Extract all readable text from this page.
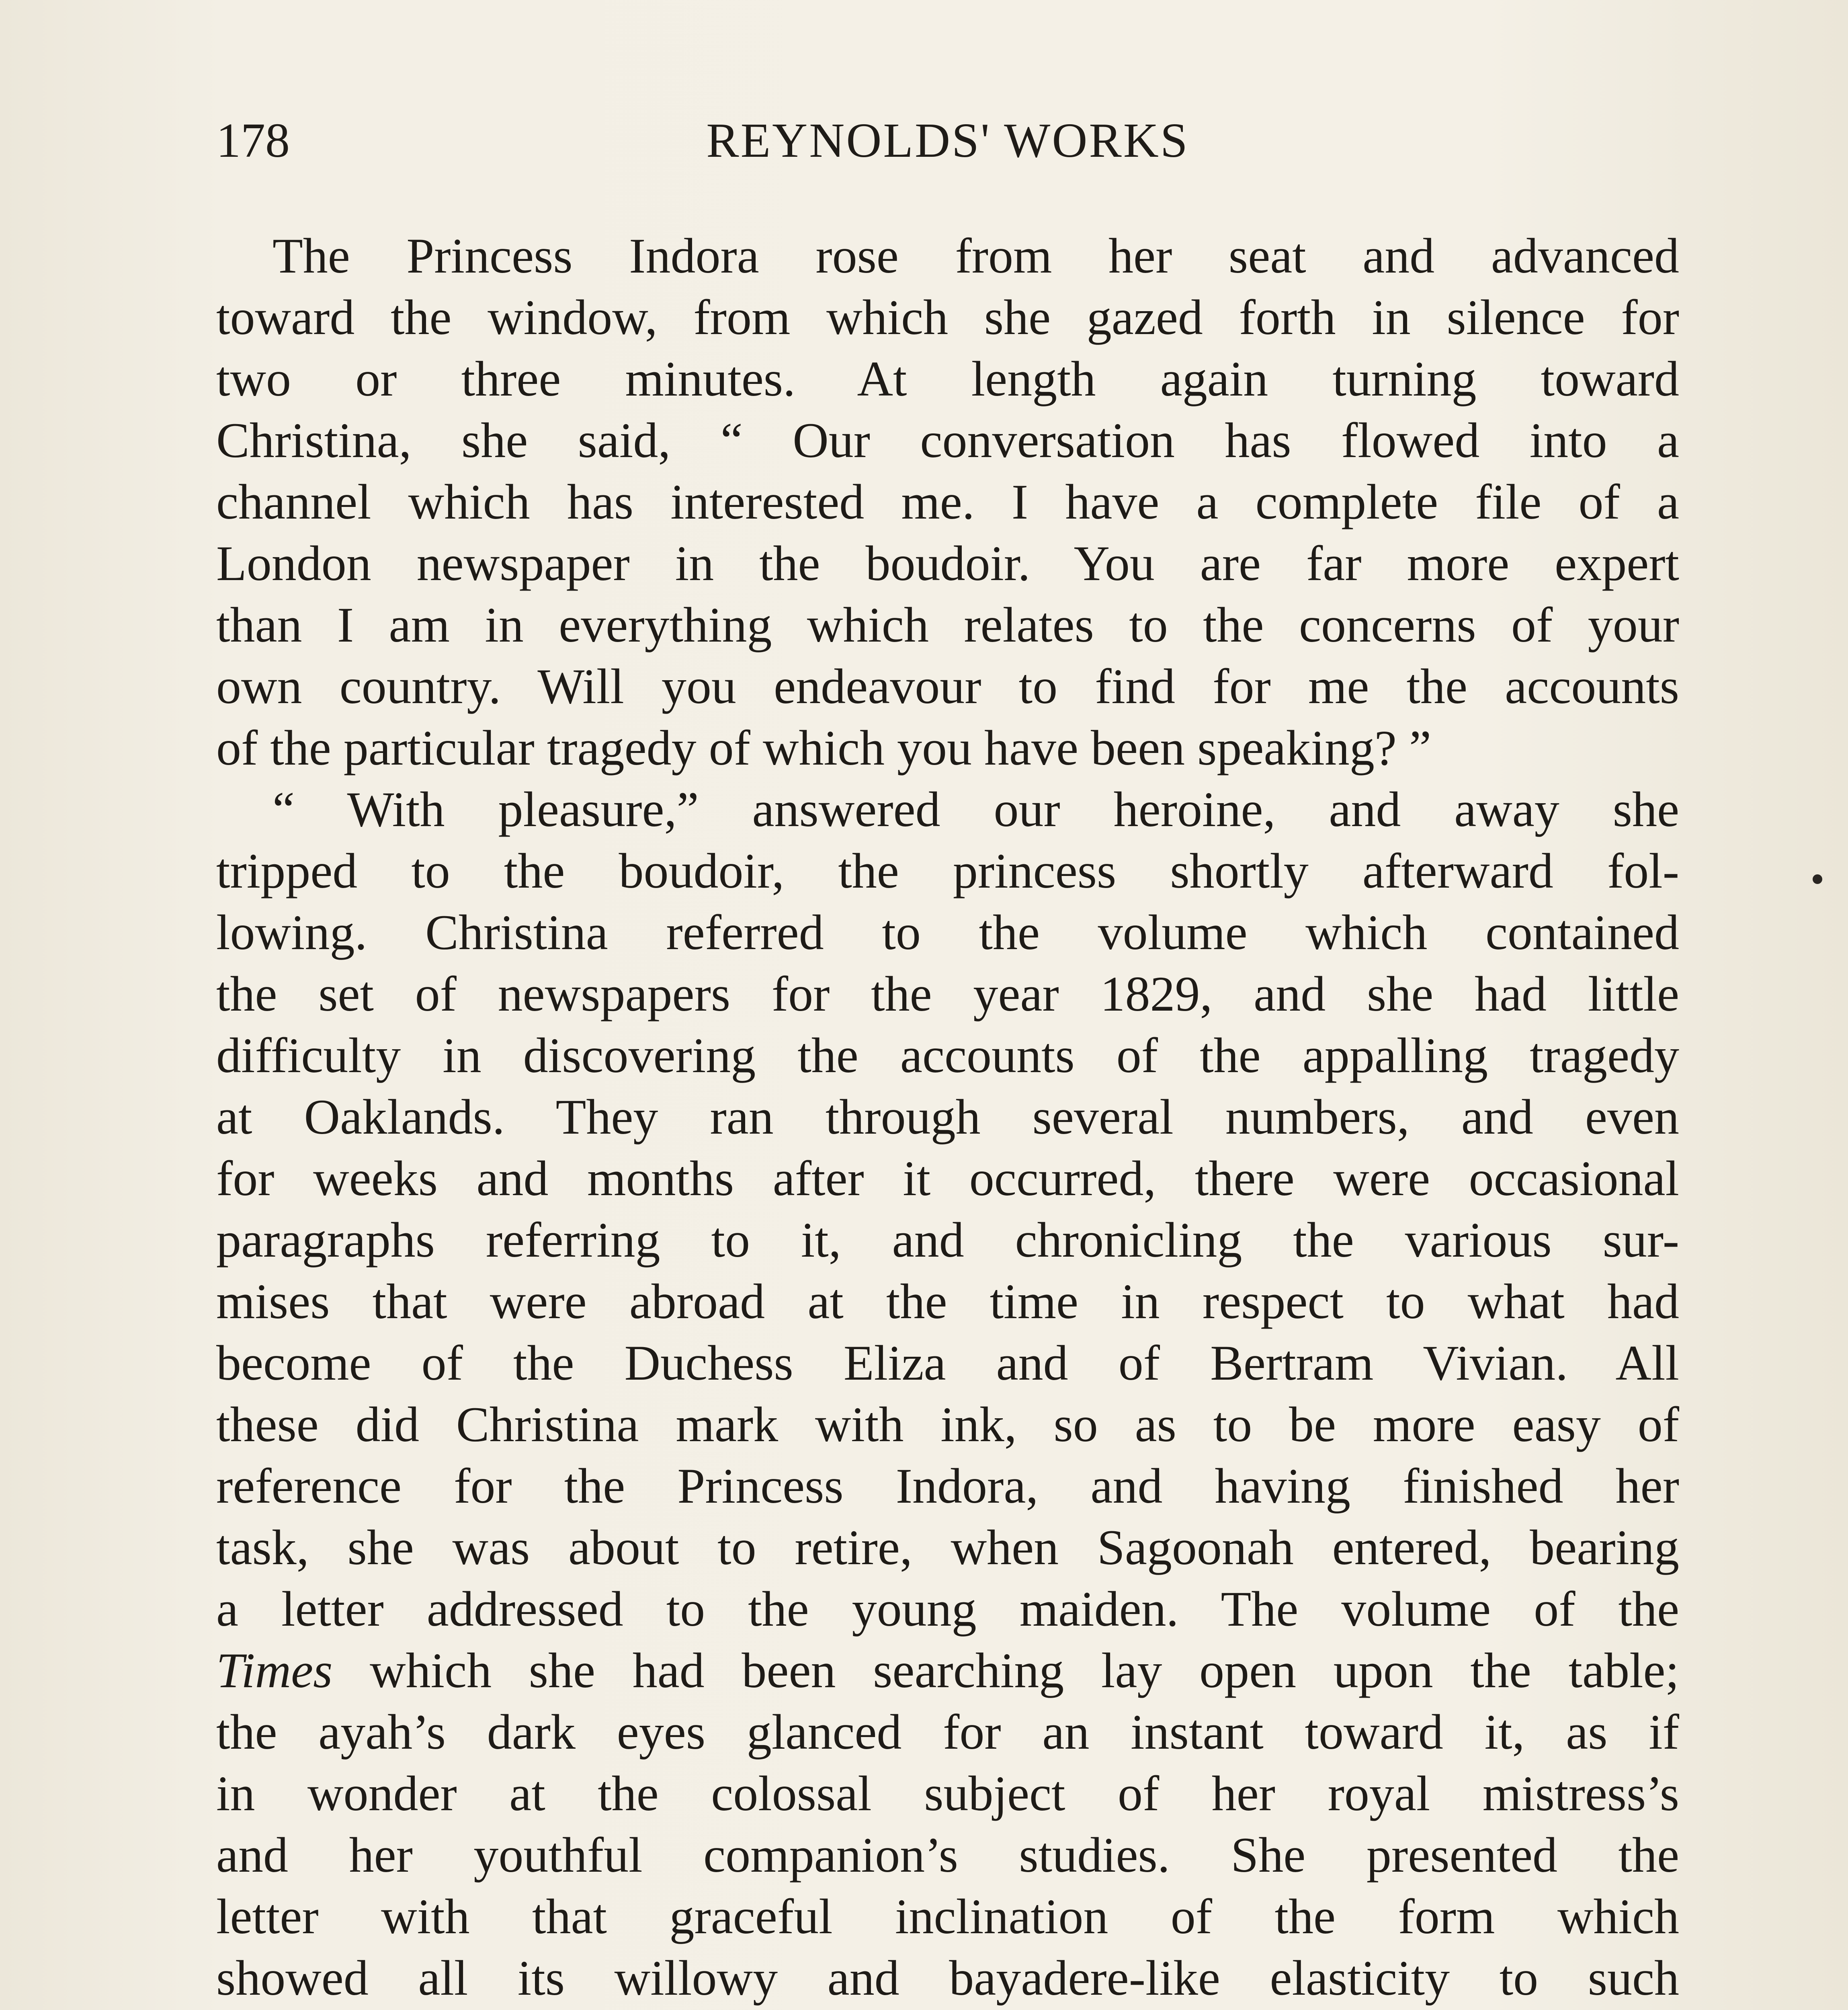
178	REYNOLDS' WORKS
The Princess Indora rose from her seat and advanced
toward the window, from which she gazed forth in silence for
two or three minutes. At length again turning toward
Christina, she said, “ Our conversation has flowed into a
channel which has interested me. I have a complete file of a
London newspaper in the boudoir. You are far more expert
than I am in everything which relates to the concerns of your
own country. Will you endeavour to find for me the accounts
of the particular tragedy of which you have been speaking? ”
“ With pleasure,” answered our heroine, and away she
tripped to the boudoir, the princess shortly afterward fol-
lowing. Christina referred to the volume which contained
the set of newspapers for the year 1829, and she had little
difficulty in discovering the accounts of the appalling tragedy
at Oaklands. They ran through several numbers, and even
for weeks and months after it occurred, there were occasional
paragraphs referring to it, and chronicling the various sur-
mises that were abroad at the time in respect to what had
become of the Duchess Eliza and of Bertram Vivian. All
these did Christina mark with ink, so as to be more easy of
reference for the Princess Indora, and having finished her
task, she was about to retire, when Sagoonah entered, bearing
a letter addressed to the young maiden. The volume of the
Times which she had been searching lay open upon the table;
the ayah’s dark eyes glanced for an instant toward it, as if
in wonder at the colossal subject of her royal mistress’s
and her youthful companion’s studies. She presented the
letter with that graceful inclination of the form which
showed all its willowy and bayadere-like elasticity to such
